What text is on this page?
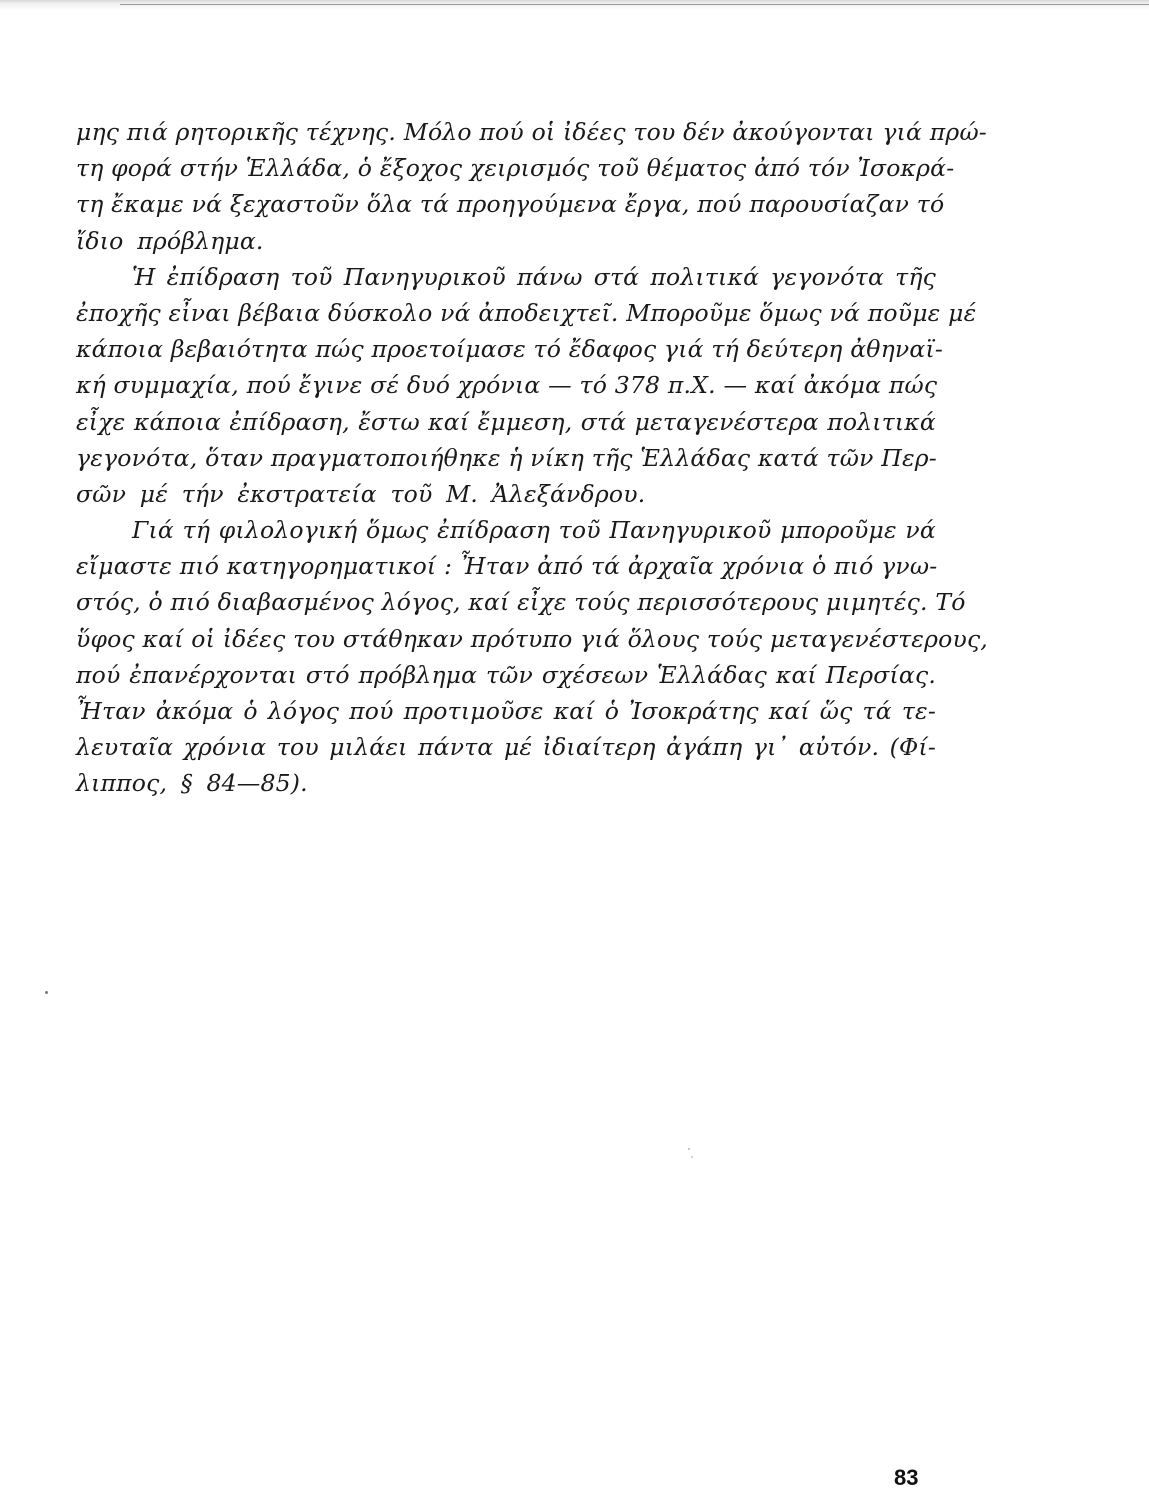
μης πιά ρητορικῆς τέχνης. Μόλο πού οἱ ἰδέες του δέν ἀκούγονται γιά πρώ-
τη φορά στήν Ἑλλάδα, ὁ ἔξοχος χειρισμός τοῦ θέματος ἀπό τόν Ἰσοκρά-
τη ἔκαμε νά ξεχαστοῦν ὅλα τά προηγούμενα ἔργα, πού παρουσίαζαν τό
ἴδιο πρόβλημα.
Ἡ ἐπίδραση τοῦ Πανηγυρικοῦ πάνω στά πολιτικά γεγονότα τῆς
ἐποχῆς εἶναι βέβαια δύσκολο νά ἀποδειχτεῖ. Μποροῦμε ὅμως νά ποῦμε μέ
κάποια βεβαιότητα πώς προετοίμασε τό ἔδαφος γιά τή δεύτερη ἀθηναϊ-
κή συμμαχία, πού ἔγινε σέ δυό χρόνια — τό 378 π.Χ. — καί ἀκόμα πώς
εἶχε κάποια ἐπίδραση, ἔστω καί ἔμμεση, στά μεταγενέστερα πολιτικά
γεγονότα, ὅταν πραγματοποιήθηκε ἡ νίκη τῆς Ἑλλάδας κατά τῶν Περ-
σῶν μέ τήν ἐκστρατεία τοῦ Μ. Ἀλεξάνδρου.
Γιά τή φιλολογική ὅμως ἐπίδραση τοῦ Πανηγυρικοῦ μποροῦμε νά
εἴμαστε πιό κατηγορηματικοί : Ἦταν ἀπό τά ἀρχαῖα χρόνια ὁ πιό γνω-
στός, ὁ πιό διαβασμένος λόγος, καί εἶχε τούς περισσότερους μιμητές. Τό
ὕφος καί οἱ ἰδέες του στάθηκαν πρότυπο γιά ὅλους τούς μεταγενέστερους,
πού ἐπανέρχονται στό πρόβλημα τῶν σχέσεων Ἑλλάδας καί Περσίας.
Ἦταν ἀκόμα ὁ λόγος πού προτιμοῦσε καί ὁ Ἰσοκράτης καί ὥς τά τε-
λευταῖα χρόνια του μιλάει πάντα μέ ἰδιαίτερη ἀγάπη γι᾿ αὐτόν. (Φί-
λιππος, § 84—85).
83
